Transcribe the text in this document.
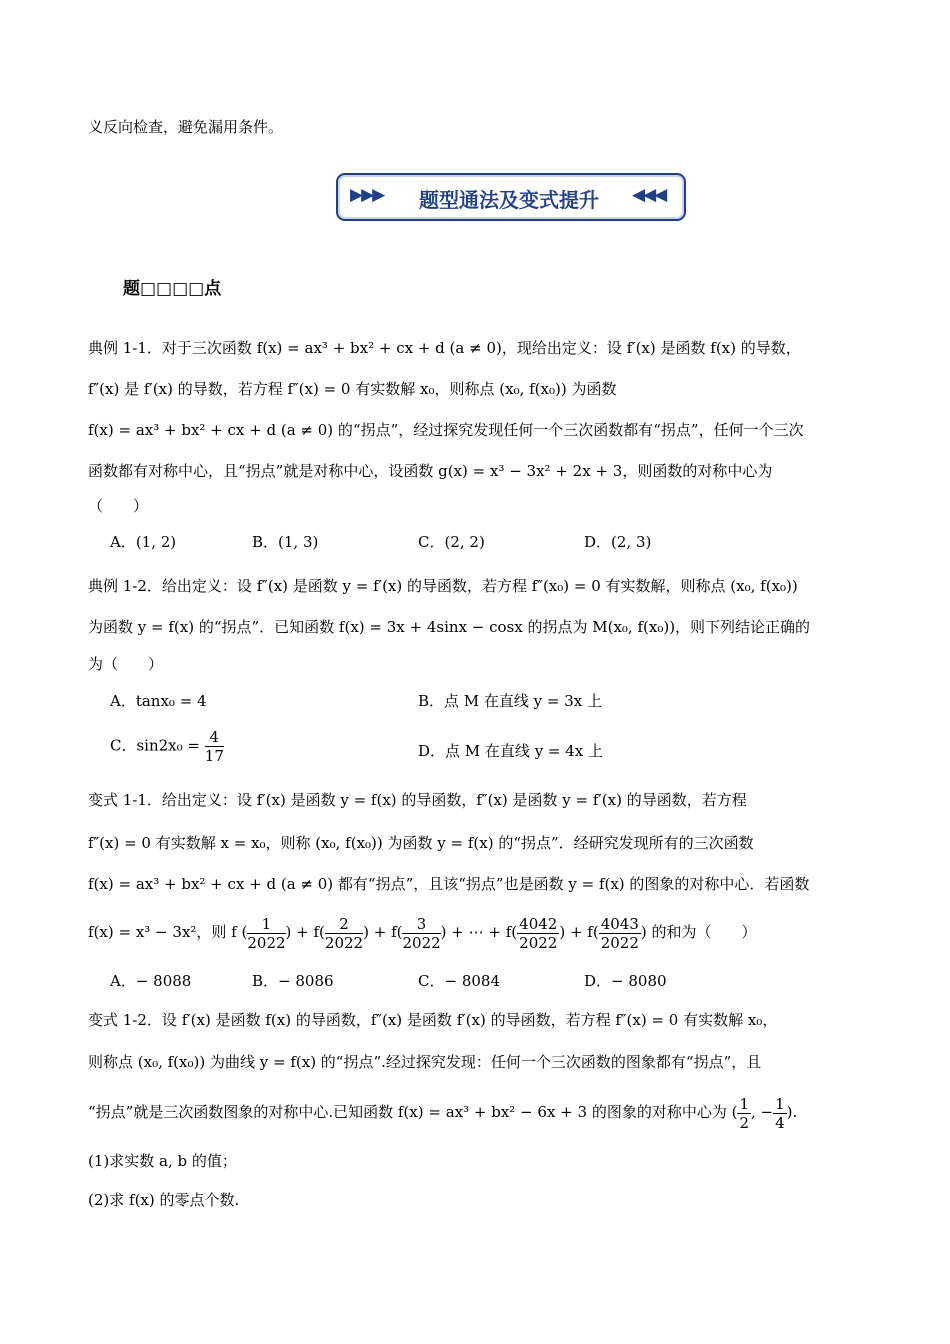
义反向检查，避免漏用条件。
▶▶▶	题型通法及变式提升	◀◀◀
题□□□□点
典例 1-1．对于三次函数 f(x) = ax³ + bx² + cx + d (a ≠ 0)，现给出定义：设 f′(x) 是函数 f(x) 的导数，
f″(x) 是 f′(x) 的导数，若方程 f″(x) = 0 有实数解 x₀，则称点 (x₀, f(x₀)) 为函数
f(x) = ax³ + bx² + cx + d (a ≠ 0) 的“拐点”，经过探究发现任何一个三次函数都有“拐点”，任何一个三次
函数都有对称中心，且“拐点”就是对称中心，设函数 g(x) = x³ − 3x² + 2x + 3，则函数的对称中心为
（　　）
A．(1, 2)	B．(1, 3)	C．(2, 2)	D．(2, 3)
典例 1-2．给出定义：设 f″(x) 是函数 y = f′(x) 的导函数，若方程 f″(x₀) = 0 有实数解，则称点 (x₀, f(x₀))
为函数 y = f(x) 的“拐点”．已知函数 f(x) = 3x + 4sinx − cosx 的拐点为 M(x₀, f(x₀))，则下列结论正确的
为（　　）
A．tanx₀ = 4	B．点 M 在直线 y = 3x 上
C．$\sin 2x_0 = \frac{4}{17}$	D．点 M 在直线 y = 4x 上
变式 1-1．给出定义：设 f′(x) 是函数 y = f(x) 的导函数，f″(x) 是函数 y = f′(x) 的导函数，若方程
f″(x) = 0 有实数解 x = x₀，则称 (x₀, f(x₀)) 为函数 y = f(x) 的“拐点”．经研究发现所有的三次函数
f(x) = ax³ + bx² + cx + d (a ≠ 0) 都有“拐点”，且该“拐点”也是函数 y = f(x) 的图象的对称中心．若函数
f(x) = x³ − 3x²，则 f ( $\frac{1}{2022}$ ) + $f( \frac{2}{2022}$ ) + $f( \frac{3}{2022}$ ) + ⋯ + $f( \frac{4042}{2022}$ ) + $f( \frac{4043}{2022}$ ) 的和为（　　）
A．− 8088	B．− 8086	C．− 8084	D．− 8080
变式 1-2．设 f′(x) 是函数 f(x) 的导函数，f″(x) 是函数 f′(x) 的导函数，若方程 f″(x) = 0 有实数解 x₀，
则称点 (x₀, f(x₀)) 为曲线 y = f(x) 的“拐点”.经过探究发现：任何一个三次函数的图象都有“拐点”，且
“拐点”就是三次函数图象的对称中心.已知函数 f(x) = ax³ + bx² − 6x + 3 的图象的对称中心为 ( $\frac{1}{2}$ , − $\frac{1}{4}$ ).
(1)求实数 a, b 的值；
(2)求 f(x) 的零点个数.
